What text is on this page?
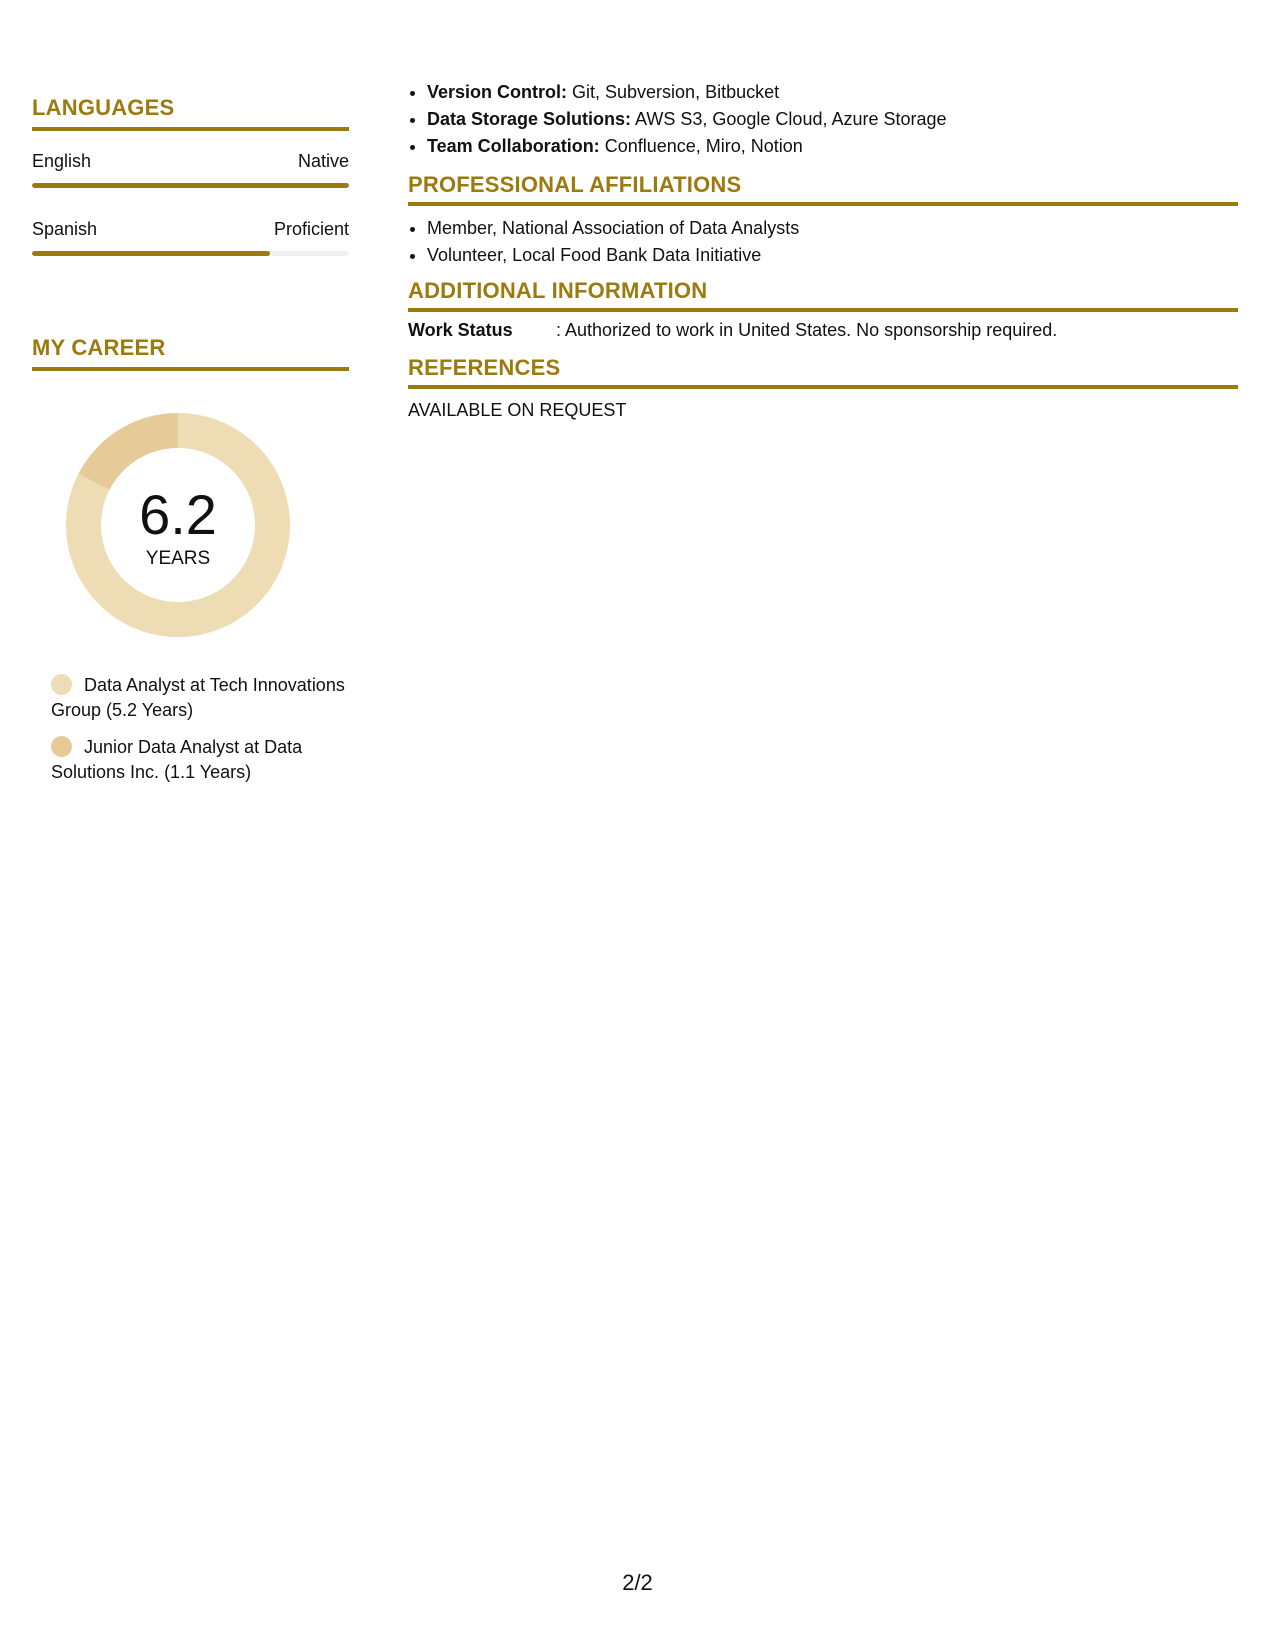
LANGUAGES
English	Native
Spanish	Proficient
MY CAREER
6.2
YEARS
Data Analyst at Tech Innovations Group (5.2 Years)
Junior Data Analyst at Data Solutions Inc. (1.1 Years)
• Version Control: Git, Subversion, Bitbucket
• Data Storage Solutions: AWS S3, Google Cloud, Azure Storage
• Team Collaboration: Confluence, Miro, Notion
PROFESSIONAL AFFILIATIONS
• Member, National Association of Data Analysts
• Volunteer, Local Food Bank Data Initiative
ADDITIONAL INFORMATION
Work Status : Authorized to work in United States. No sponsorship required.
REFERENCES
AVAILABLE ON REQUEST
2/2
